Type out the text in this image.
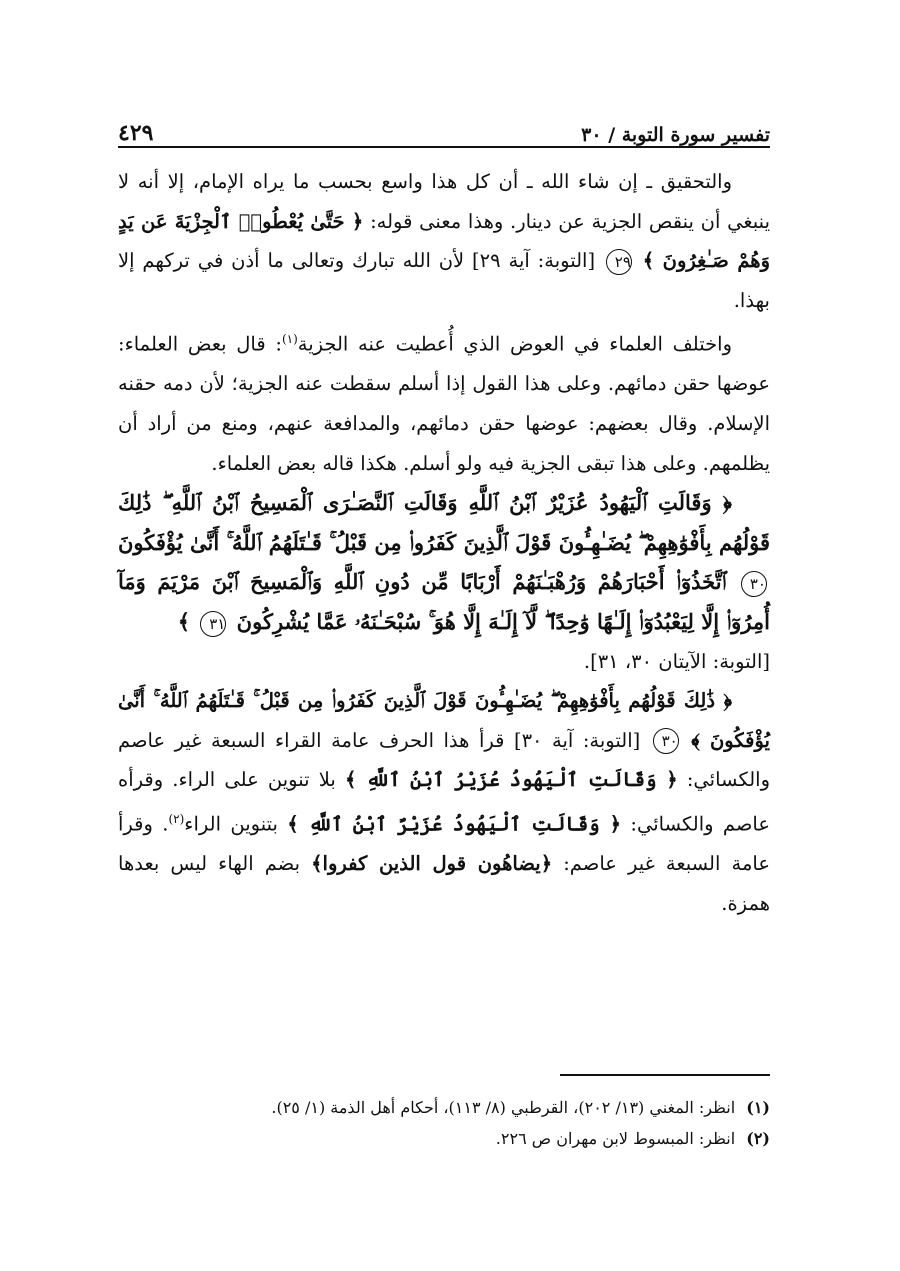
تفسير سورة التوبة / ٣٠
٤٢٩

والتحقيق ـ إن شاء الله ـ أن كل هذا واسع بحسب ما يراه الإمام، إلا أنه لا ينبغي أن ينقص الجزية عن دينار. وهذا معنى قوله: ﴿ حَتَّىٰ يُعْطُوا۟ ٱلْجِزْيَةَ عَن يَدٍ وَهُمْ صَـٰغِرُونَ ﴾ ٢٩ [التوبة: آية ٢٩] لأن الله تبارك وتعالى ما أذن في تركهم إلا بهذا.

واختلف العلماء في العوض الذي أُعطيت عنه الجزية$^{(١)}$: قال بعض العلماء: عوضها حقن دمائهم. وعلى هذا القول إذا أسلم سقطت عنه الجزية؛ لأن دمه حقنه الإسلام. وقال بعضهم: عوضها حقن دمائهم، والمدافعة عنهم، ومنع من أراد أن يظلمهم. وعلى هذا تبقى الجزية فيه ولو أسلم. هكذا قاله بعض العلماء.

﴿ وَقَالَتِ ٱلْيَهُودُ عُزَيْرٌ ٱبْنُ ٱللَّهِ وَقَالَتِ ٱلنَّصَـٰرَى ٱلْمَسِيحُ ٱبْنُ ٱللَّهِ ۖ ذَٰلِكَ قَوْلُهُم بِأَفْوَٰهِهِمْ ۖ يُضَـٰهِـُٔونَ قَوْلَ ٱلَّذِينَ كَفَرُوا۟ مِن قَبْلُ ۚ قَـٰتَلَهُمُ ٱللَّهُ ۚ أَنَّىٰ يُؤْفَكُونَ ٣٠ ٱتَّخَذُوٓا۟ أَحْبَارَهُمْ وَرُهْبَـٰنَهُمْ أَرْبَابًا مِّن دُونِ ٱللَّهِ وَٱلْمَسِيحَ ٱبْنَ مَرْيَمَ وَمَآ أُمِرُوٓا۟ إِلَّا لِيَعْبُدُوٓا۟ إِلَـٰهًا وَٰحِدًا ۖ لَّآ إِلَـٰهَ إِلَّا هُوَ ۚ سُبْحَـٰنَهُۥ عَمَّا يُشْرِكُونَ ٣١ ﴾

[التوبة: الآيتان ٣٠، ٣١].

﴿ ذَٰلِكَ قَوْلُهُم بِأَفْوَٰهِهِمْ ۖ يُضَـٰهِـُٔونَ قَوْلَ ٱلَّذِينَ كَفَرُوا۟ مِن قَبْلُ ۚ قَـٰتَلَهُمُ ٱللَّهُ ۚ أَنَّىٰ يُؤْفَكُونَ ﴾ ٣٠ [التوبة: آية ٣٠] قرأ هذا الحرف عامة القراء السبعة غير عاصم والكسائي: ﴿ وَقَالَتِ ٱلْيَهُودُ عُزَيْرُ ٱبْنُ ٱللَّهِ ﴾ بلا تنوين على الراء. وقرأه عاصم والكسائي: ﴿ وَقَالَتِ ٱلْيَهُودُ عُزَيْرٌ ٱبْنُ ٱللَّهِ ﴾ بتنوين الراء$^{(٢)}$. وقرأ عامة السبعة غير عاصم: ﴿يضاهُون قول الذين كفروا﴾ بضم الهاء ليس بعدها همزة.

(١) انظر: المغني (١٣/ ٢٠٢)، القرطبي (٨/ ١١٣)، أحكام أهل الذمة (١/ ٢٥).

(٢) انظر: المبسوط لابن مهران ص ٢٢٦.
